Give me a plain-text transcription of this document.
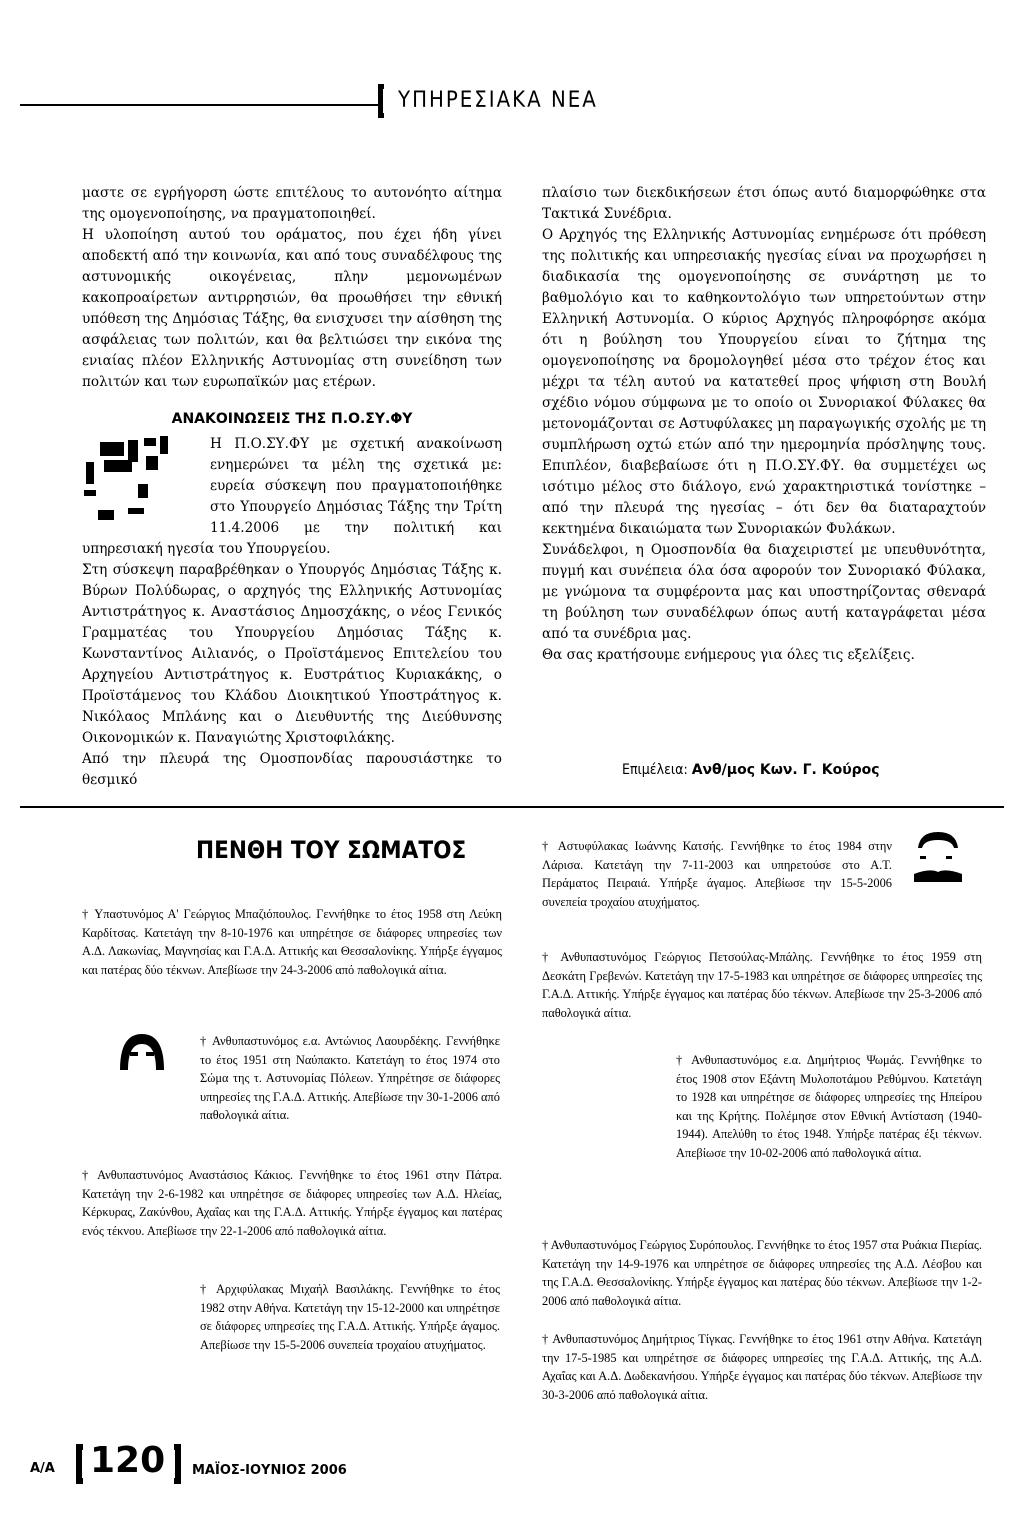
ΥΠΗΡΕΣΙΑΚΑ ΝΕΑ

μαστε σε εγρήγορση ώστε επιτέλους το αυτονόητο αίτημα της ομογενοποίησης, να πραγματοποιηθεί.

Η υλοποίηση αυτού του οράματος, που έχει ήδη γίνει αποδεκτή από την κοινωνία, και από τους συναδέλφους της αστυνομικής οικογένειας, πλην μεμονωμένων κακοπροαίρετων αντιρρησιών, θα προωθήσει την εθνική υπόθεση της Δημόσιας Τάξης, θα ενισχυσει την αίσθηση της ασφάλειας των πολιτών, και θα βελτιώσει την εικόνα της ενιαίας πλέον Ελληνικής Αστυνομίας στη συνείδηση των πολιτών και των ευρωπαϊκών μας ετέρων.

ΑΝΑΚΟΙΝΩΣΕΙΣ ΤΗΣ Π.Ο.ΣΥ.ΦΥ

Η Π.Ο.ΣΥ.ΦΥ με σχετική ανακοίνωση ενημερώνει τα μέλη της σχετικά με: ευρεία σύσκεψη που πραγματοποιήθηκε στο Υπουργείο Δημόσιας Τάξης την Τρίτη 11.4.2006 με την πολιτική και υπηρεσιακή ηγεσία του Υπουργείου.

Στη σύσκεψη παραβρέθηκαν ο Υπουργός Δημόσιας Τάξης κ. Βύρων Πολύδωρας, ο αρχηγός της Ελληνικής Αστυνομίας Αντιστράτηγος κ. Αναστάσιος Δημοσχάκης, ο νέος Γενικός Γραμματέας του Υπουργείου Δημόσιας Τάξης κ. Κωνσταντίνος Αιλιανός, ο Προϊστάμενος Επιτελείου του Αρχηγείου Αντιστράτηγος κ. Ευστράτιος Κυριακάκης, ο Προϊστάμενος του Κλάδου Διοικητικού Υποστράτηγος κ. Νικόλαος Μπλάνης και ο Διευθυντής της Διεύθυνσης Οικονομικών κ. Παναγιώτης Χριστοφιλάκης.

Από την πλευρά της Ομοσπονδίας παρουσιάστηκε το θεσμικό

πλαίσιο των διεκδικήσεων έτσι όπως αυτό διαμορφώθηκε στα Τακτικά Συνέδρια.

Ο Αρχηγός της Ελληνικής Αστυνομίας ενημέρωσε ότι πρόθεση της πολιτικής και υπηρεσιακής ηγεσίας είναι να προχωρήσει η διαδικασία της ομογενοποίησης σε συνάρτηση με το βαθμολόγιο και το καθηκοντολόγιο των υπηρετούντων στην Ελληνική Αστυνομία. Ο κύριος Αρχηγός πληροφόρησε ακόμα ότι η βούληση του Υπουργείου είναι το ζήτημα της ομογενοποίησης να δρομολογηθεί μέσα στο τρέχον έτος και μέχρι τα τέλη αυτού να κατατεθεί προς ψήφιση στη Βουλή σχέδιο νόμου σύμφωνα με το οποίο οι Συνοριακοί Φύλακες θα μετονομάζονται σε Αστυφύλακες μη παραγωγικής σχολής με τη συμπλήρωση οχτώ ετών από την ημερομηνία πρόσληψης τους. Επιπλέον, διαβεβαίωσε ότι η Π.Ο.ΣΥ.ΦΥ. θα συμμετέχει ως ισότιμο μέλος στο διάλογο, ενώ χαρακτηριστικά τονίστηκε – από την πλευρά της ηγεσίας – ότι δεν θα διαταραχτούν κεκτημένα δικαιώματα των Συνοριακών Φυλάκων.

Συνάδελφοι, η Ομοσπονδία θα διαχειριστεί με υπευθυνότητα, πυγμή και συνέπεια όλα όσα αφορούν τον Συνοριακό Φύλακα, με γνώμονα τα συμφέροντα μας και υποστηρίζοντας σθεναρά τη βούληση των συναδέλφων όπως αυτή καταγράφεται μέσα από τα συνέδρια μας.

Θα σας κρατήσουμε ενήμερους για όλες τις εξελίξεις.

Επιμέλεια: Ανθ/μος Κων. Γ. Κούρος
ΠΕΝΘΗ ΤΟΥ ΣΩΜΑΤΟΣ

† Υπαστυνόμος Α' Γεώργιος Μπαζιόπουλος. Γεννήθηκε το έτος 1958 στη Λεύκη Καρδίτσας. Κατετάγη την 8-10-1976 και υπηρέτησε σε διάφορες υπηρεσίες των Α.Δ. Λακωνίας, Μαγνησίας και Γ.Α.Δ. Αττικής και Θεσσαλονίκης. Υπήρξε έγγαμος και πατέρας δύο τέκνων. Απεβίωσε την 24-3-2006 από παθολογικά αίτια.

† Ανθυπαστυνόμος ε.α. Αντώνιος Λαουρδέκης. Γεννήθηκε το έτος 1951 στη Ναύπακτο. Κατετάγη το έτος 1974 στο Σώμα της τ. Αστυνομίας Πόλεων. Υπηρέτησε σε διάφορες υπηρεσίες της Γ.Α.Δ. Αττικής. Απεβίωσε την 30-1-2006 από παθολογικά αίτια.

† Ανθυπαστυνόμος Αναστάσιος Κάκιος. Γεννήθηκε το έτος 1961 στην Πάτρα. Κατετάγη την 2-6-1982 και υπηρέτησε σε διάφορες υπηρεσίες των Α.Δ. Ηλείας, Κέρκυρας, Ζακύνθου, Αχαΐας και της Γ.Α.Δ. Αττικής. Υπήρξε έγγαμος και πατέρας ενός τέκνου. Απεβίωσε την 22-1-2006 από παθολογικά αίτια.

† Αρχιφύλακας Μιχαήλ Βασιλάκης. Γεννήθηκε το έτος 1982 στην Αθήνα. Κατετάγη την 15-12-2000 και υπηρέτησε σε διάφορες υπηρεσίες της Γ.Α.Δ. Αττικής. Υπήρξε άγαμος. Απεβίωσε την 15-5-2006 συνεπεία τροχαίου ατυχήματος.

† Αστυφύλακας Ιωάννης Κατσής. Γεννήθηκε το έτος 1984 στην Λάρισα. Κατετάγη την 7-11-2003 και υπηρετούσε στο Α.Τ. Περάματος Πειραιά. Υπήρξε άγαμος. Απεβίωσε την 15-5-2006 συνεπεία τροχαίου ατυχήματος.

† Ανθυπαστυνόμος Γεώργιος Πετσούλας-Μπάλης. Γεννήθηκε το έτος 1959 στη Δεσκάτη Γρεβενών. Κατετάγη την 17-5-1983 και υπηρέτησε σε διάφορες υπηρεσίες της Γ.Α.Δ. Αττικής. Υπήρξε έγγαμος και πατέρας δύο τέκνων. Απεβίωσε την 25-3-2006 από παθολογικά αίτια.

† Ανθυπαστυνόμος ε.α. Δημήτριος Ψωμάς. Γεννήθηκε το έτος 1908 στον Εξάντη Μυλοποτάμου Ρεθύμνου. Κατετάγη το 1928 και υπηρέτησε σε διάφορες υπηρεσίες της Ηπείρου και της Κρήτης. Πολέμησε στον Εθνική Αντίσταση (1940-1944). Απελύθη το έτος 1948. Υπήρξε πατέρας έξι τέκνων. Απεβίωσε την 10-02-2006 από παθολογικά αίτια.

† Ανθυπαστυνόμος Γεώργιος Συρόπουλος. Γεννήθηκε το έτος 1957 στα Ρυάκια Πιερίας. Κατετάγη την 14-9-1976 και υπηρέτησε σε διάφορες υπηρεσίες της Α.Δ. Λέσβου και της Γ.Α.Δ. Θεσσαλονίκης. Υπήρξε έγγαμος και πατέρας δύο τέκνων. Απεβίωσε την 1-2-2006 από παθολογικά αίτια.

† Ανθυπαστυνόμος Δημήτριος Τίγκας. Γεννήθηκε το έτος 1961 στην Αθήνα. Κατετάγη την 17-5-1985 και υπηρέτησε σε διάφορες υπηρεσίες της Γ.Α.Δ. Αττικής, της Α.Δ. Αχαΐας και Α.Δ. Δωδεκανήσου. Υπήρξε έγγαμος και πατέρας δύο τέκνων. Απεβίωσε την 30-3-2006 από παθολογικά αίτια.

Α/Α 120 ΜΑΪΟΣ-ΙΟΥΝΙΟΣ 2006
